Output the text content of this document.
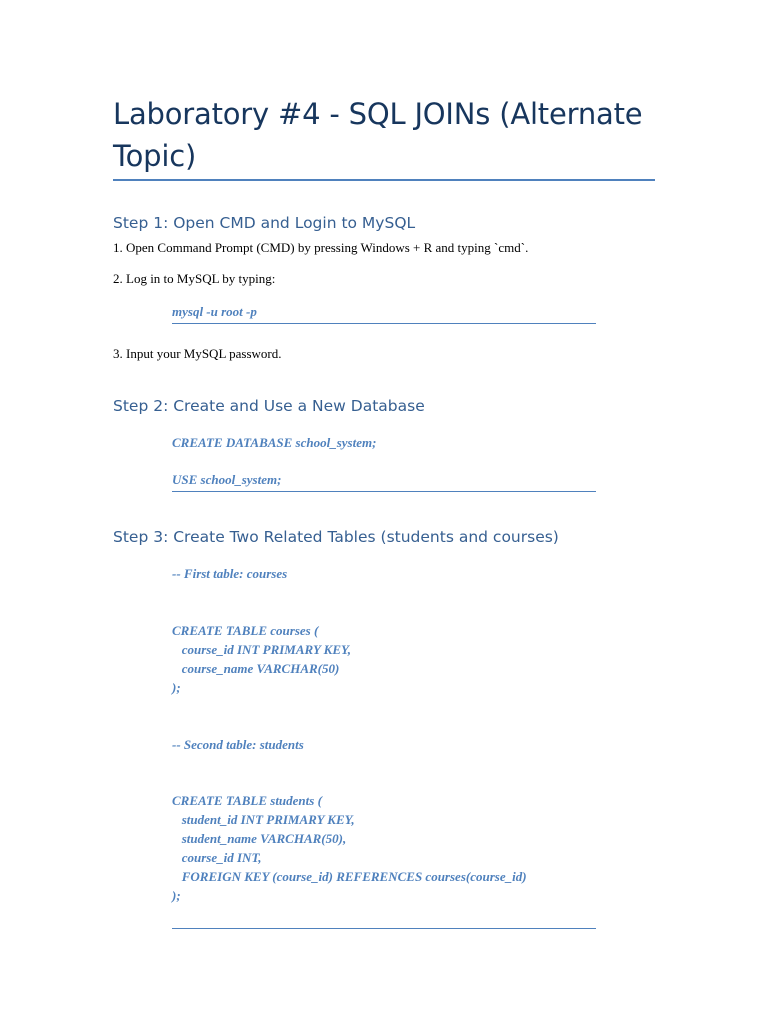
Laboratory #4 - SQL JOINs (Alternate Topic)
Step 1: Open CMD and Login to MySQL

1. Open Command Prompt (CMD) by pressing Windows + R and typing `cmd`.

2. Log in to MySQL by typing:

mysql -u root -p

3. Input your MySQL password.

Step 2: Create and Use a New Database
CREATE DATABASE school_system;
USE school_system;
Step 3: Create Two Related Tables (students and courses)
-- First table: courses
CREATE TABLE courses (
course_id INT PRIMARY KEY,
course_name VARCHAR(50)
);
-- Second table: students
CREATE TABLE students (
student_id INT PRIMARY KEY,
student_name VARCHAR(50),
course_id INT,
FOREIGN KEY (course_id) REFERENCES courses(course_id)
);
